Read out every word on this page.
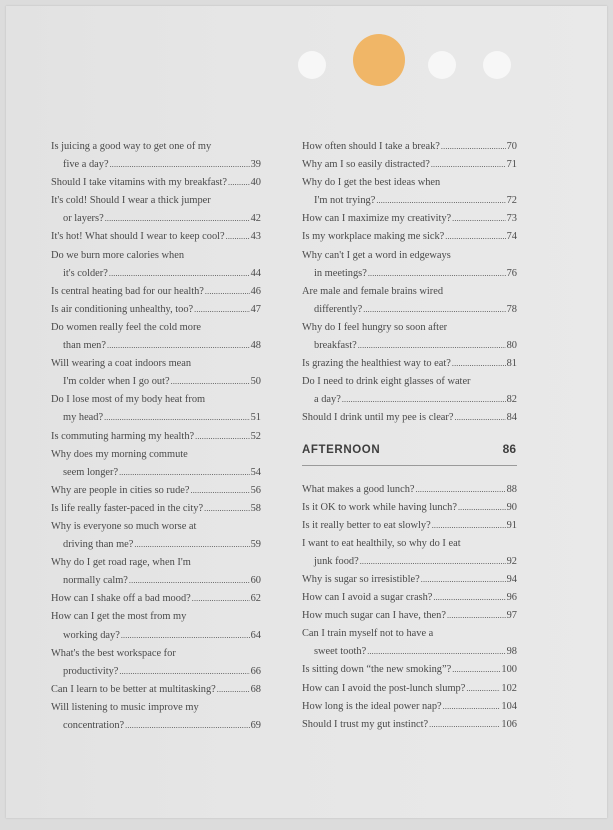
Is juicing a good way to get one of my
five a day? .....	39
Should I take vitamins with my breakfast? ..... 40
It's cold! Should I wear a thick jumper
or layers? .....	42
It's hot! What should I wear to keep cool? ..... 43
Do we burn more calories when
it's colder? .....	44
Is central heating bad for our health? .....	46
Is air conditioning unhealthy, too? .....	47
Do women really feel the cold more
than men? .....	48
Will wearing a coat indoors mean
I'm colder when I go out? .....	50
Do I lose most of my body heat from
my head? .....	51
Is commuting harming my health? .....	52
Why does my morning commute
seem longer? .....	54
Why are people in cities so rude? .....	56
Is life really faster-paced in the city? .....	58
Why is everyone so much worse at
driving than me? .....	59
Why do I get road rage, when I'm
normally calm? .....	60
How can I shake off a bad mood? .....	62
How can I get the most from my
working day? .....	64
What's the best workspace for
productivity? .....	66
Can I learn to be better at multitasking? .....	68
Will listening to music improve my
concentration? .....	69
How often should I take a break? .....	70
Why am I so easily distracted? .....	71
Why do I get the best ideas when
I'm not trying? .....	72
How can I maximize my creativity? .....	73
Is my workplace making me sick? .....	74
Why can't I get a word in edgeways
in meetings? .....	76
Are male and female brains wired
differently? .....	78
Why do I feel hungry so soon after
breakfast? .....	80
Is grazing the healthiest way to eat? .....	81
Do I need to drink eight glasses of water
a day? .....	82
Should I drink until my pee is clear? .....	84
AFTERNOON	86
What makes a good lunch? .....	88
Is it OK to work while having lunch? .....	90
Is it really better to eat slowly? .....	91
I want to eat healthily, so why do I eat
junk food? .....	92
Why is sugar so irresistible? .....	94
How can I avoid a sugar crash? .....	96
How much sugar can I have, then? .....	97
Can I train myself not to have a
sweet tooth? .....	98
Is sitting down “the new smoking”? .....	100
How can I avoid the post-lunch slump? .....	102
How long is the ideal power nap? .....	104
Should I trust my gut instinct? .....	106
